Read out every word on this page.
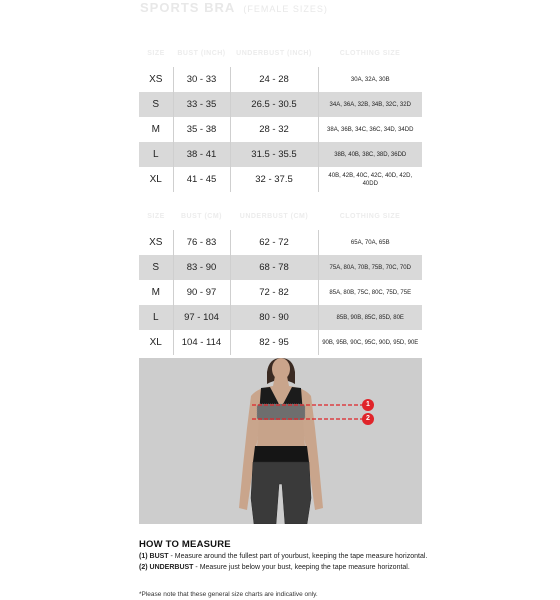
SPORTS BRA (FEMALE SIZES)
SIZE	BUST (INCH)	UNDERBUST (INCH)	CLOTHING SIZE
XS	30 - 33	24 - 28	30A, 32A, 30B
S	33 - 35	26.5 - 30.5	34A, 36A, 32B, 34B, 32C, 32D
M	35 - 38	28 - 32	38A, 36B, 34C, 36C, 34D, 34DD
L	38 - 41	31.5 - 35.5	38B, 40B, 38C, 38D, 36DD
XL	41 - 45	32 - 37.5	40B, 42B, 40C, 42C, 40D, 42D, 40DD
SIZE	BUST (CM)	UNDERBUST (CM)	CLOTHING SIZE
XS	76 - 83	62 - 72	65A, 70A, 65B
S	83 - 90	68 - 78	75A, 80A, 70B, 75B, 70C, 70D
M	90 - 97	72 - 82	85A, 80B, 75C, 80C, 75D, 75E
L	97 - 104	80 - 90	85B, 90B, 85C, 85D, 80E
XL	104 - 114	82 - 95	90B, 95B, 90C, 95C, 90D, 95D, 90E
1
2
HOW TO MEASURE

(1) BUST - Measure around the fullest part of yourbust, keeping the tape measure horizontal.

(2) UNDERBUST - Measure just below your bust, keeping the tape measure horizontal.

*Please note that these general size charts are indicative only.
